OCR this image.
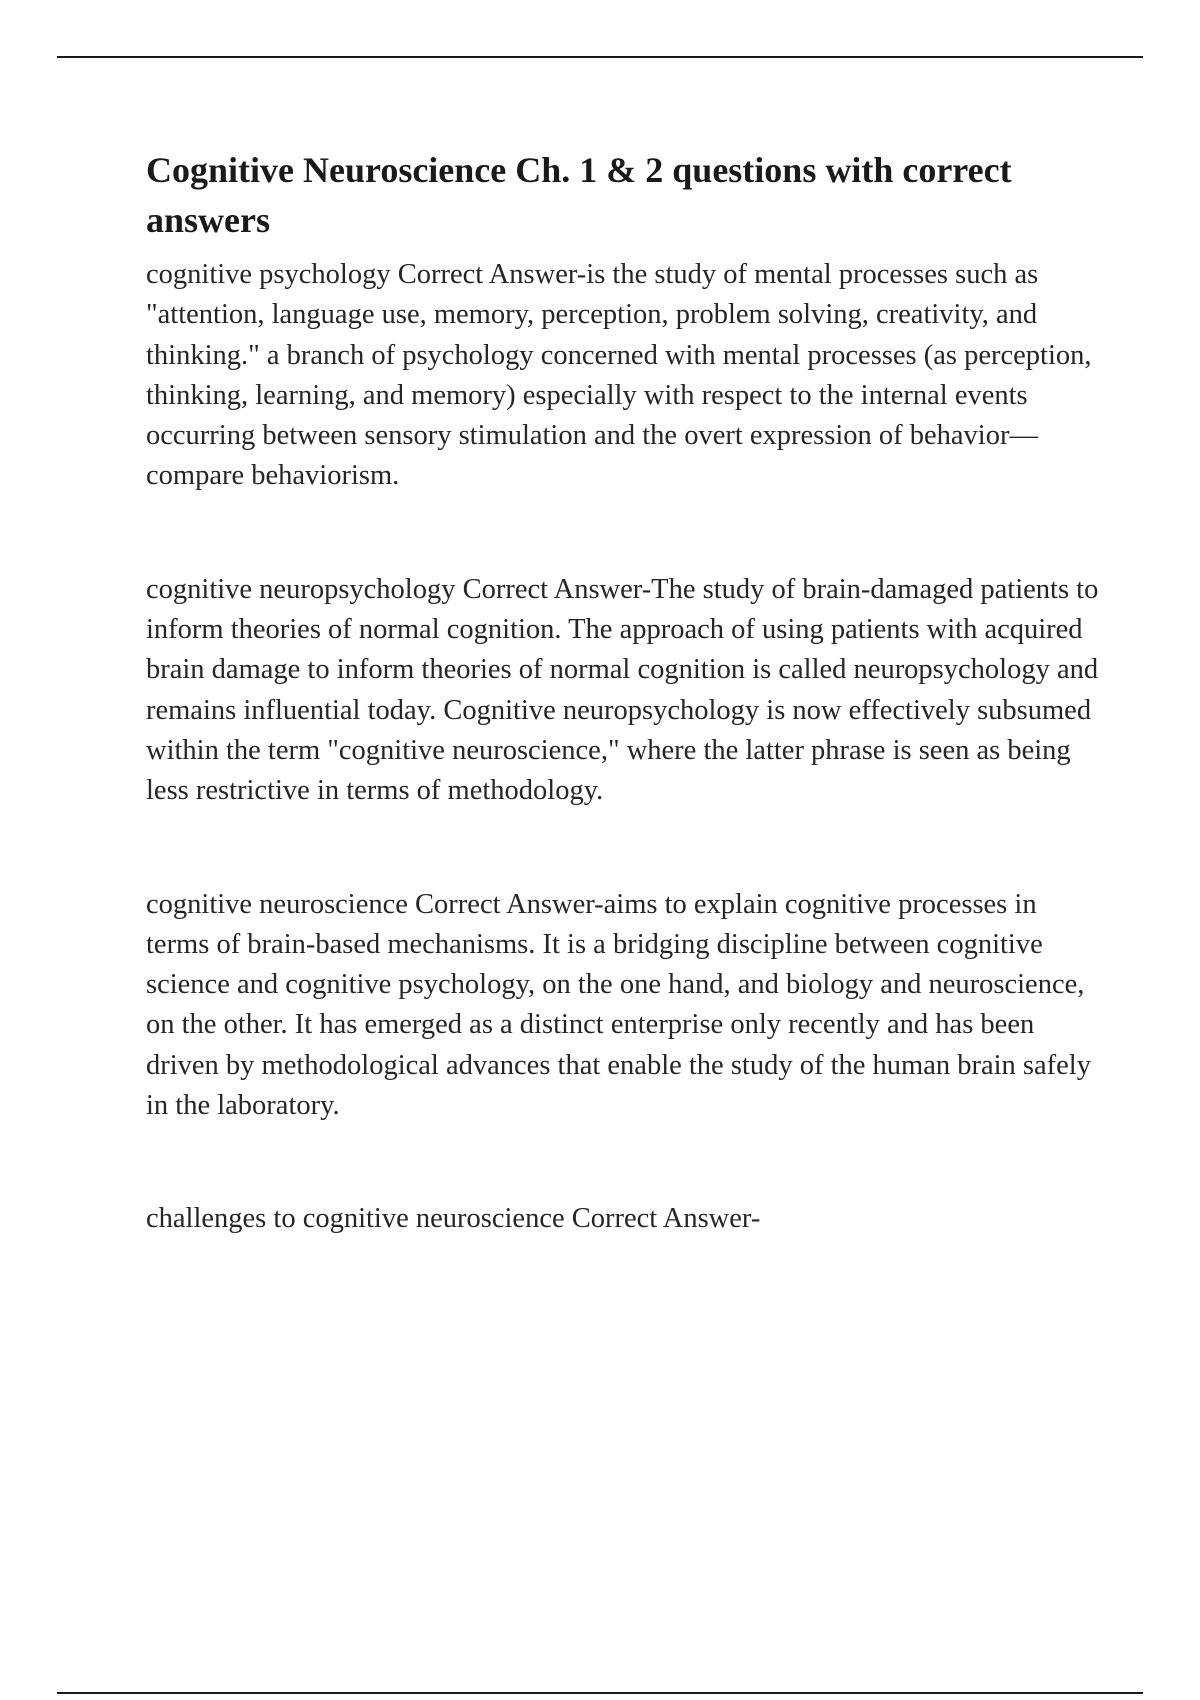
Cognitive Neuroscience Ch. 1 & 2 questions with correct answers

cognitive psychology Correct Answer-is the study of mental processes such as "attention, language use, memory, perception, problem solving, creativity, and thinking." a branch of psychology concerned with mental processes (as perception, thinking, learning, and memory) especially with respect to the internal events occurring between sensory stimulation and the overt expression of behavior—compare behaviorism.

cognitive neuropsychology Correct Answer-The study of brain-damaged patients to inform theories of normal cognition. The approach of using patients with acquired brain damage to inform theories of normal cognition is called neuropsychology and remains influential today. Cognitive neuropsychology is now effectively subsumed within the term "cognitive neuroscience," where the latter phrase is seen as being less restrictive in terms of methodology.

cognitive neuroscience Correct Answer-aims to explain cognitive processes in terms of brain-based mechanisms. It is a bridging discipline between cognitive science and cognitive psychology, on the one hand, and biology and neuroscience, on the other. It has emerged as a distinct enterprise only recently and has been driven by methodological advances that enable the study of the human brain safely in the laboratory.

challenges to cognitive neuroscience Correct Answer-
